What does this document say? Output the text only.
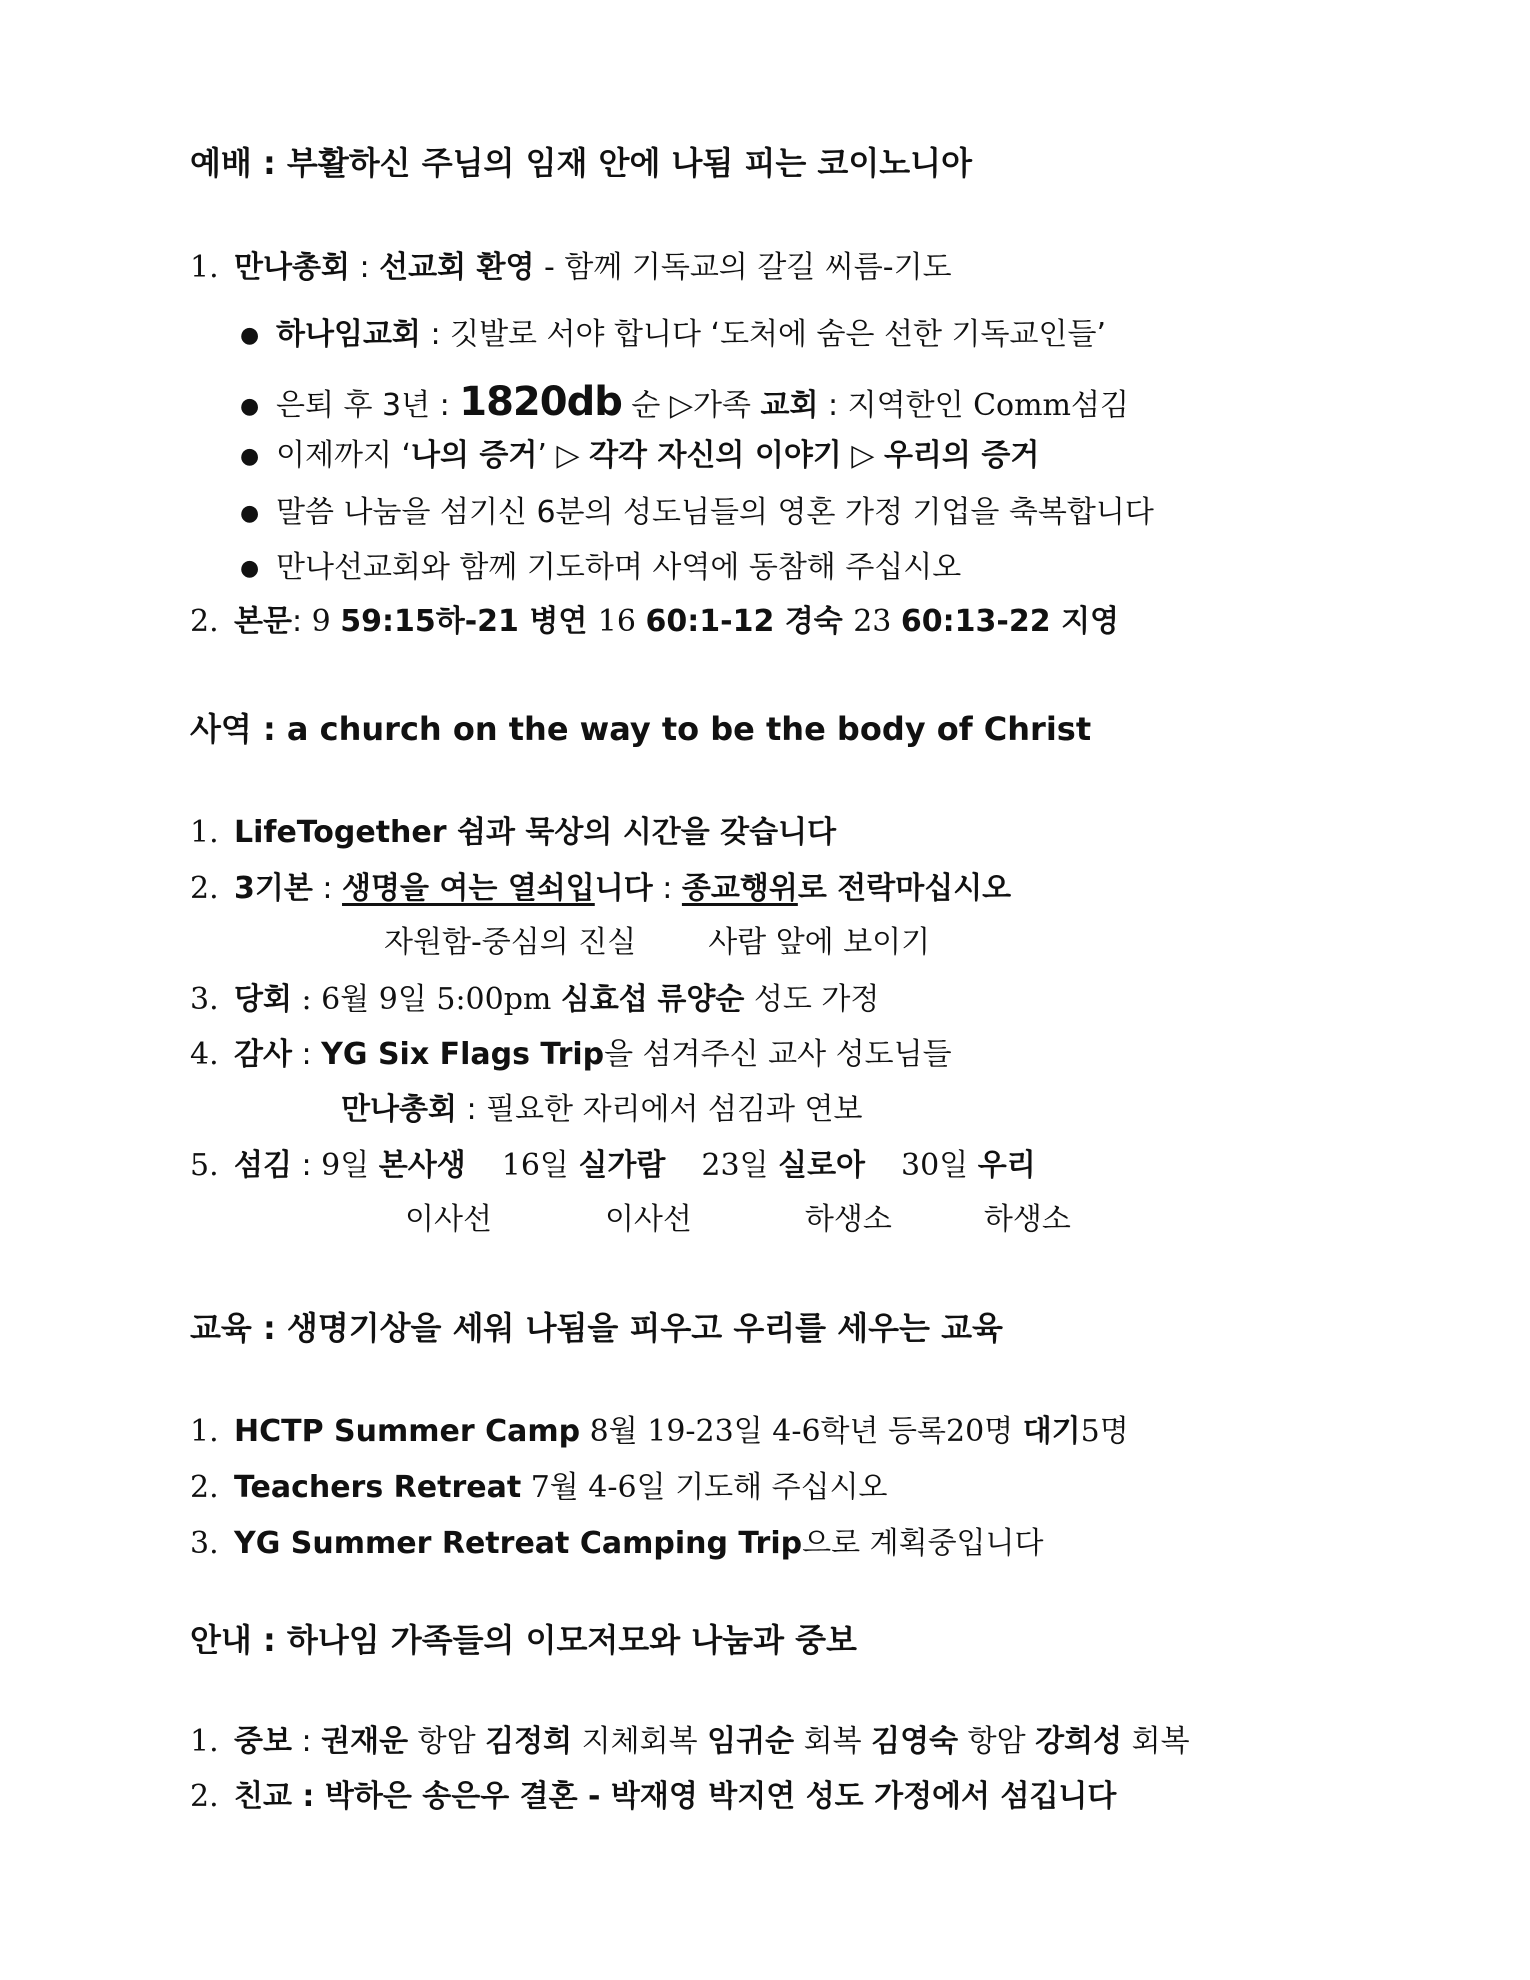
예배 : 부활하신 주님의 임재 안에 나됨 피는 코이노니아
1. 만나총회 : 선교회 환영 - 함께 기독교의 갈길 씨름-기도
● 하나임교회 : 깃발로 서야 합니다 ‘도처에 숨은 선한 기독교인들’
● 은퇴 후 3년 : 1820db 순 ▷가족 교회 : 지역한인 Comm섬김
● 이제까지 ‘나의 증거’ ▷ 각각 자신의 이야기 ▷ 우리의 증거
● 말씀 나눔을 섬기신 6분의 성도님들의 영혼 가정 기업을 축복합니다
● 만나선교회와 함께 기도하며 사역에 동참해 주십시오
2. 본문: 9 59:15하-21 병연 16 60:1-12 경숙 23 60:13-22 지영
사역 : a church on the way to be the body of Christ
1. LifeTogether 쉼과 묵상의 시간을 갖습니다
2. 3기본 : 생명을 여는 열쇠입니다 : 종교행위로 전락마십시오
자원함-중심의 진실 사람 앞에 보이기
3. 당회 : 6월 9일 5:00pm 심효섭 류양순 성도 가정
4. 감사 : YG Six Flags Trip을 섬겨주신 교사 성도님들
만나총회 : 필요한 자리에서 섬김과 연보
5. 섬김 : 9일 본사생 16일 실가람 23일 실로아 30일 우리
이사선	이사선	하생소	하생소
교육 : 생명기상을 세워 나됨을 피우고 우리를 세우는 교육
1. HCTP Summer Camp 8월 19-23일 4-6학년 등록20명 대기5명
2. Teachers Retreat 7월 4-6일 기도해 주십시오
3. YG Summer Retreat Camping Trip으로 계획중입니다
안내 : 하나임 가족들의 이모저모와 나눔과 중보
1. 중보 : 권재운 항암 김정희 지체회복 임귀순 회복 김영숙 항암 강희성 회복
2. 친교 : 박하은 송은우 결혼 - 박재영 박지연 성도 가정에서 섬깁니다
